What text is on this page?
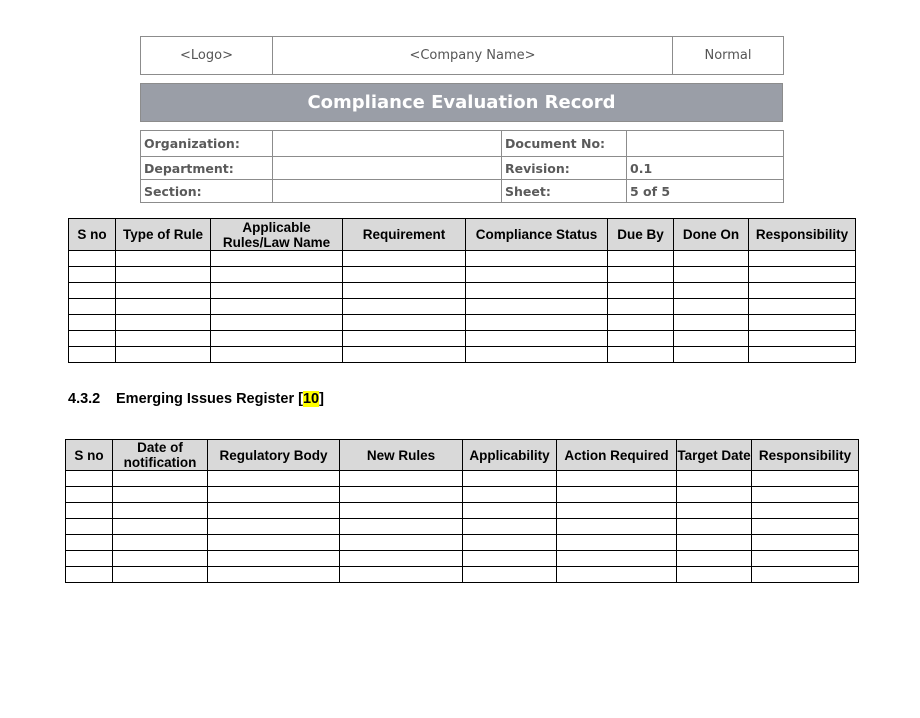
<Logo>	<Company Name>	Normal
Compliance Evaluation Record
Organization:		Document No:	
Department:		Revision:	0.1
Section:		Sheet:	5 of 5
S no	Type of Rule	Applicable Rules/Law Name	Requirement	Compliance Status	Due By	Done On	Responsibility

4.3.2 Emerging Issues Register [10]
S no	Date of notification	Regulatory Body	New Rules	Applicability	Action Required	Target Date	Responsibility
